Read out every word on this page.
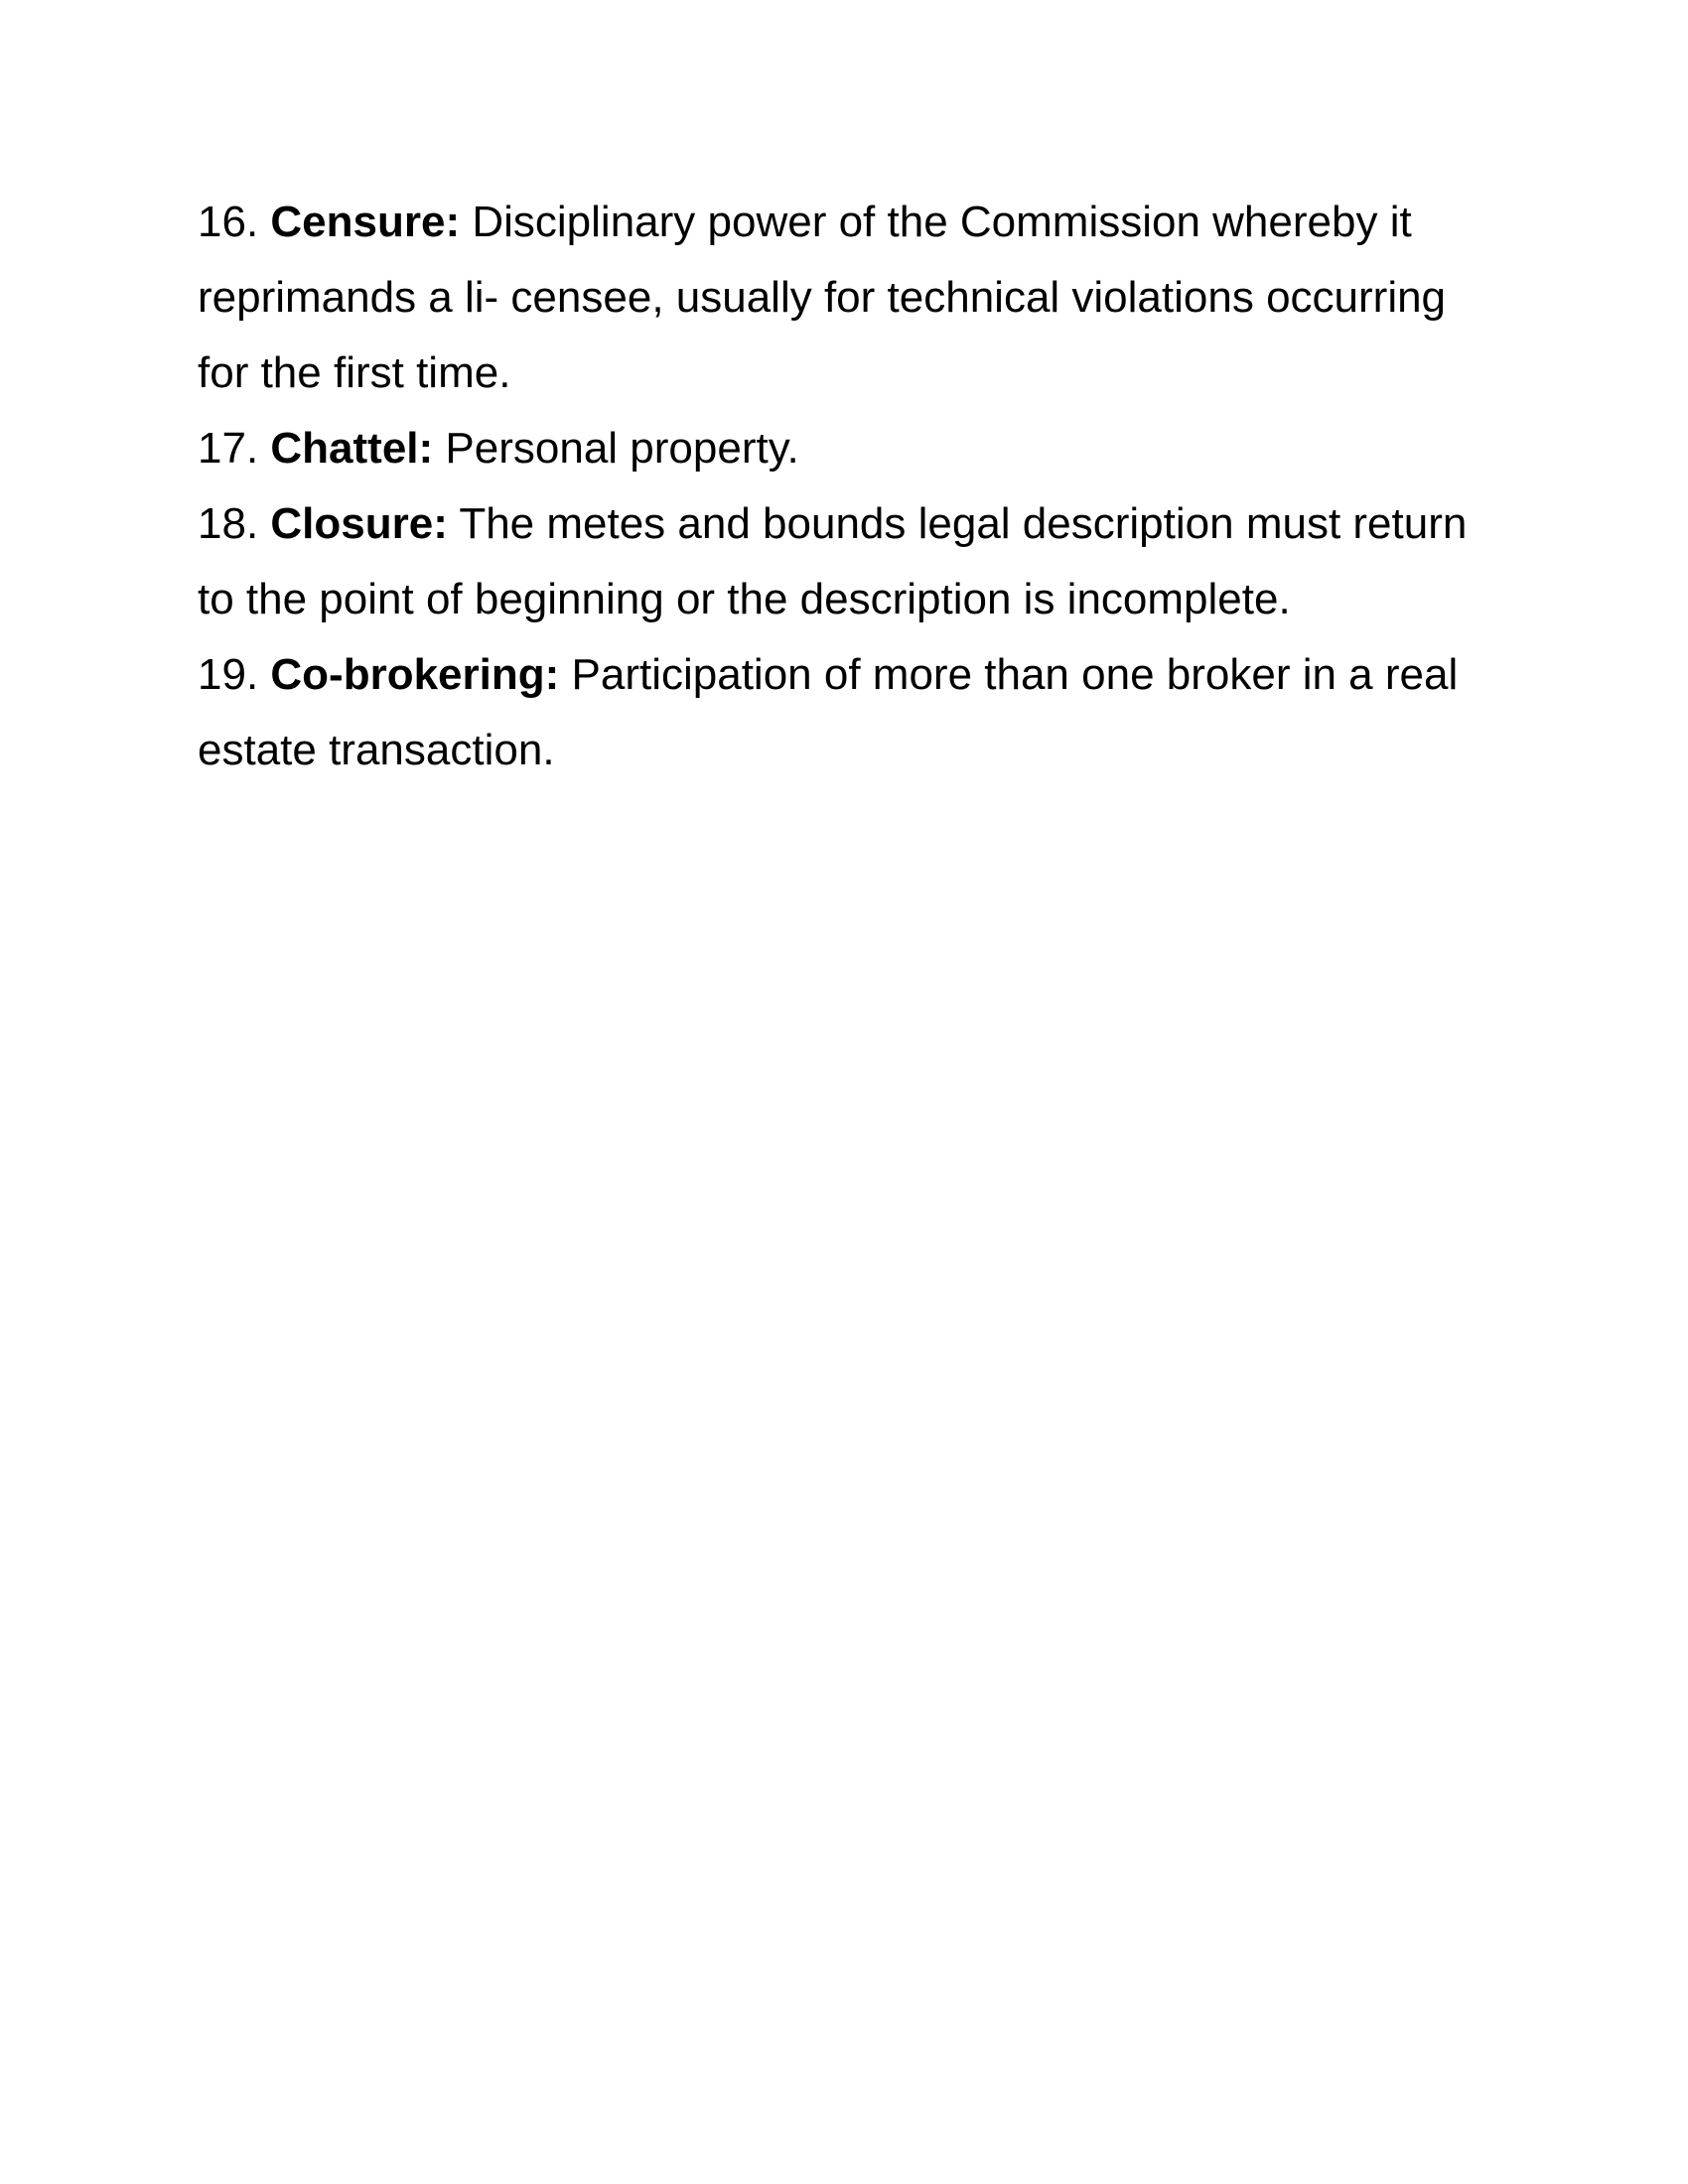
16. Censure: Disciplinary power of the Commission whereby it
reprimands a li- censee, usually for technical violations occurring
for the first time.
17. Chattel: Personal property.
18. Closure: The metes and bounds legal description must return
to the point of beginning or the description is incomplete.
19. Co-brokering: Participation of more than one broker in a real
estate transaction.
